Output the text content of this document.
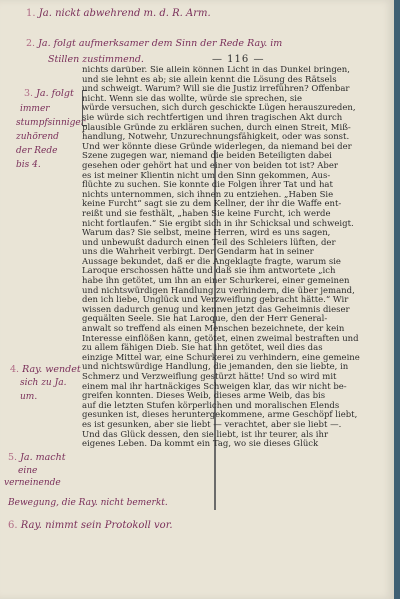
— 116 —
1. Ja. nickt abwehrend m. d. R. Arm.
2. Ja. folgt aufmerksamer dem Sinn der Rede Ray. im
Stillen zustimmend.
3. Ja. folgt
immer
stumpfsinniger
zuhörend
der Rede
bis 4.
4. Ray. wendet
sich zu Ja.
um.
5. Ja. macht
eine
verneinende
Bewegung, die Ray. nicht bemerkt.
6. Ray. nimmt sein Protokoll vor.
nichts darüber. Sie allein können Licht in das Dunkel bringen,
und sie lehnt es ab; sie allein kennt die Lösung des Rätsels
und schweigt. Warum? Will sie die Justiz irreführen? Offenbar
nicht. Wenn sie das wollte, würde sie sprechen, sie
würde versuchen, sich durch geschickte Lügen herauszureden,
sie würde sich rechtfertigen und ihren tragischen Akt durch
plausible Gründe zu erklären suchen, durch einen Streit, Miß-
handlung, Notwehr, Unzurechnungsfähigkeit, oder was sonst.
Und wer könnte diese Gründe widerlegen, da niemand bei der
Szene zugegen war, niemand die beiden Beteiligten dabei
gesehen oder gehört hat und einer von beiden tot ist? Aber
es ist meiner Klientin nicht um den Sinn gekommen, Aus-
flüchte zu suchen. Sie konnte die Folgen ihrer Tat und hat
nichts unternommen, sich ihnen zu entziehen. „Haben Sie
keine Furcht“ sagt sie zu dem Kellner, der ihr die Waffe ent-
reißt und sie festhält, „haben Sie keine Furcht, ich werde
nicht fortlaufen.“ Sie ergibt sich in ihr Schicksal und schweigt.
Warum das? Sie selbst, meine Herren, wird es uns sagen,
und unbewußt dadurch einen Teil des Schleiers lüften, der
uns die Wahrheit verbirgt. Der Gendarm hat in seiner
Aussage bekundet, daß er die Angeklagte fragte, warum sie
Laroque erschossen hätte und daß sie ihm antwortete „ich
habe ihn getötet, um ihn an einer Schurkerei, einer gemeinen
und nichtswürdigen Handlung zu verhindern, die über jemand,
den ich liebe, Unglück und Verzweiflung gebracht hätte.“ Wir
wissen dadurch genug und kennen jetzt das Geheimnis dieser
gequälten Seele. Sie hat Laroque, den der Herr General-
anwalt so treffend als einen Menschen bezeichnete, der kein
Interesse einflößen kann, getötet, einen zweimal bestraften und
zu allem fähigen Dieb. Sie hat ihn getötet, weil dies das
einzige Mittel war, eine Schurkerei zu verhindern, eine gemeine
und nichtswürdige Handlung, die jemanden, den sie liebte, in
Schmerz und Verzweiflung gestürzt hätte! Und so wird mit
einem mal ihr hartnäckiges Schweigen klar, das wir nicht be-
greifen konnten. Dieses Weib, dieses arme Weib, das bis
auf die letzten Stufen körperlichen und moralischen Elends
gesunken ist, dieses heruntergekommene, arme Geschöpf liebt,
es ist gesunken, aber sie liebt — verachtet, aber sie liebt —.
Und das Glück dessen, den sie liebt, ist ihr teurer, als ihr
eigenes Leben. Da kommt ein Tag, wo sie dieses Glück
